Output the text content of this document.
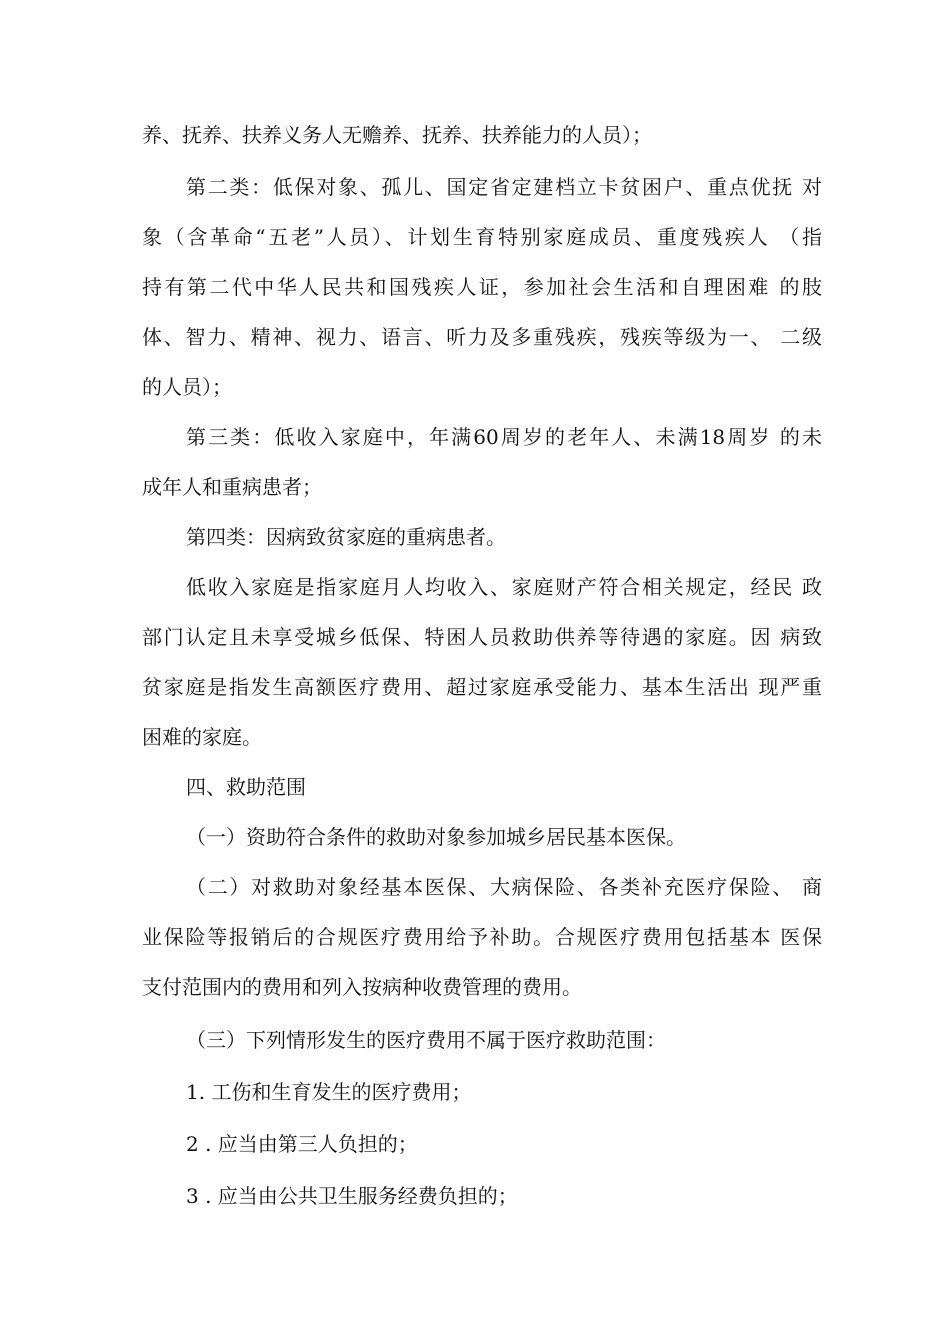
养、抚养、扶养义务人无赡养、抚养、扶养能力的人员）；
第二类：低保对象、孤儿、国定省定建档立卡贫困户、重点优抚 对
象（含革命“五老”人员）、计划生育特别家庭成员、重度残疾人 （指
持有第二代中华人民共和国残疾人证，参加社会生活和自理困难 的肢
体、智力、精神、视力、语言、听力及多重残疾，残疾等级为一、 二级
的人员）；
第三类：低收入家庭中，年满60周岁的老年人、未满18周岁 的未
成年人和重病患者；
第四类：因病致贫家庭的重病患者。
低收入家庭是指家庭月人均收入、家庭财产符合相关规定，经民 政
部门认定且未享受城乡低保、特困人员救助供养等待遇的家庭。因 病致
贫家庭是指发生高额医疗费用、超过家庭承受能力、基本生活出 现严重
困难的家庭。
四、救助范围
（一）资助符合条件的救助对象参加城乡居民基本医保。
（二）对救助对象经基本医保、大病保险、各类补充医疗保险、 商
业保险等报销后的合规医疗费用给予补助。合规医疗费用包括基本 医保
支付范围内的费用和列入按病种收费管理的费用。
（三）下列情形发生的医疗费用不属于医疗救助范围：
1. 工伤和生育发生的医疗费用；
2 . 应当由第三人负担的；
3 . 应当由公共卫生服务经费负担的；
